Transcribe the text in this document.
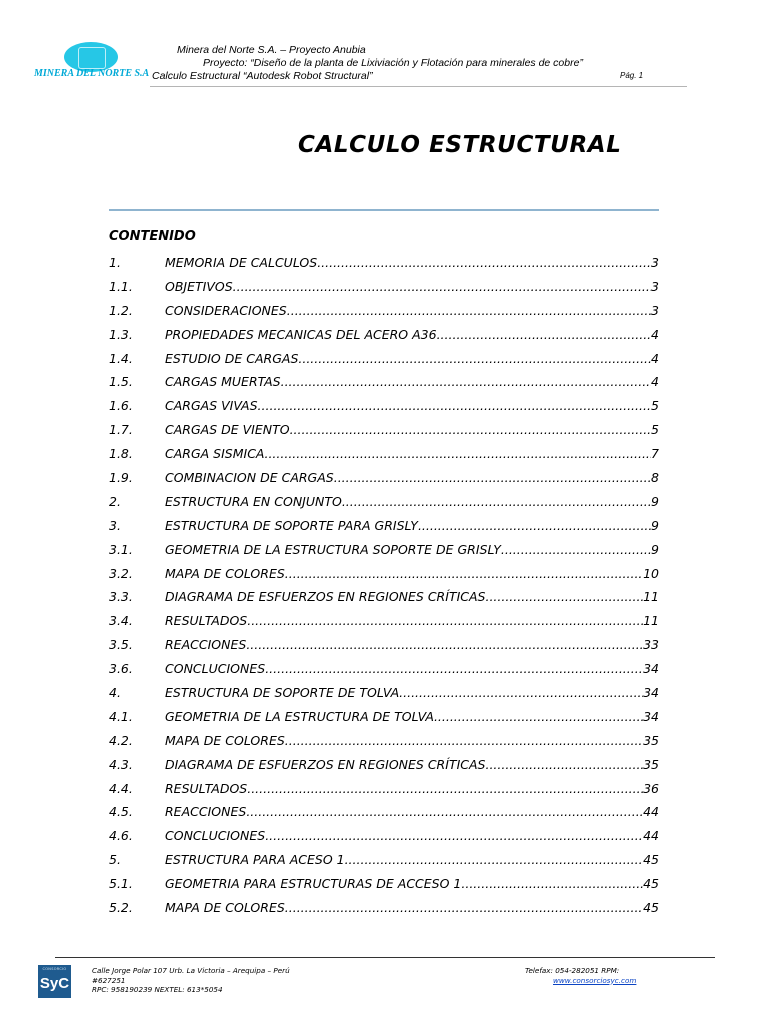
MINERA DEL NORTE S.A
Minera del Norte S.A. – Proyecto Anubia
Proyecto: “Diseño de la planta de Lixiviación y Flotación para minerales de cobre”
Calculo Estructural “Autodesk Robot Structural”	Pág. 1
CALCULO ESTRUCTURAL
CONTENIDO
1.	MEMORIA DE CALCULOS .....	3
1.1.	OBJETIVOS .....	3
1.2.	CONSIDERACIONES .....	3
1.3.	PROPIEDADES MECANICAS DEL ACERO A36 .....	4
1.4.	ESTUDIO DE CARGAS .....	4
1.5.	CARGAS MUERTAS .....	4
1.6.	CARGAS VIVAS .....	5
1.7.	CARGAS DE VIENTO .....	5
1.8.	CARGA SISMICA .....	7
1.9.	COMBINACION DE CARGAS .....	8
2.	ESTRUCTURA EN CONJUNTO .....	9
3.	ESTRUCTURA DE SOPORTE PARA GRISLY .....	9
3.1.	GEOMETRIA DE LA ESTRUCTURA SOPORTE DE GRISLY .....	9
3.2.	MAPA DE COLORES .....	10
3.3.	DIAGRAMA DE ESFUERZOS EN REGIONES CRÍTICAS .....	11
3.4.	RESULTADOS .....	11
3.5.	REACCIONES .....	33
3.6.	CONCLUCIONES .....	34
4.	ESTRUCTURA DE SOPORTE DE TOLVA .....	34
4.1.	GEOMETRIA DE LA ESTRUCTURA DE TOLVA .....	34
4.2.	MAPA DE COLORES .....	35
4.3.	DIAGRAMA DE ESFUERZOS EN REGIONES CRÍTICAS .....	35
4.4.	RESULTADOS .....	36
4.5.	REACCIONES .....	44
4.6.	CONCLUCIONES .....	44
5.	ESTRUCTURA PARA ACESO 1 .....	45
5.1.	GEOMETRIA PARA ESTRUCTURAS DE ACCESO 1 .....	45
5.2.	MAPA DE COLORES .....	45
CONSORCIO
SyC
Calle Jorge Polar 107 Urb. La Victoria – Arequipa – Perú
#627251
RPC: 958190239 NEXTEL: 613*5054
Telefax: 054-282051 RPM:
www.consorciosyc.com
